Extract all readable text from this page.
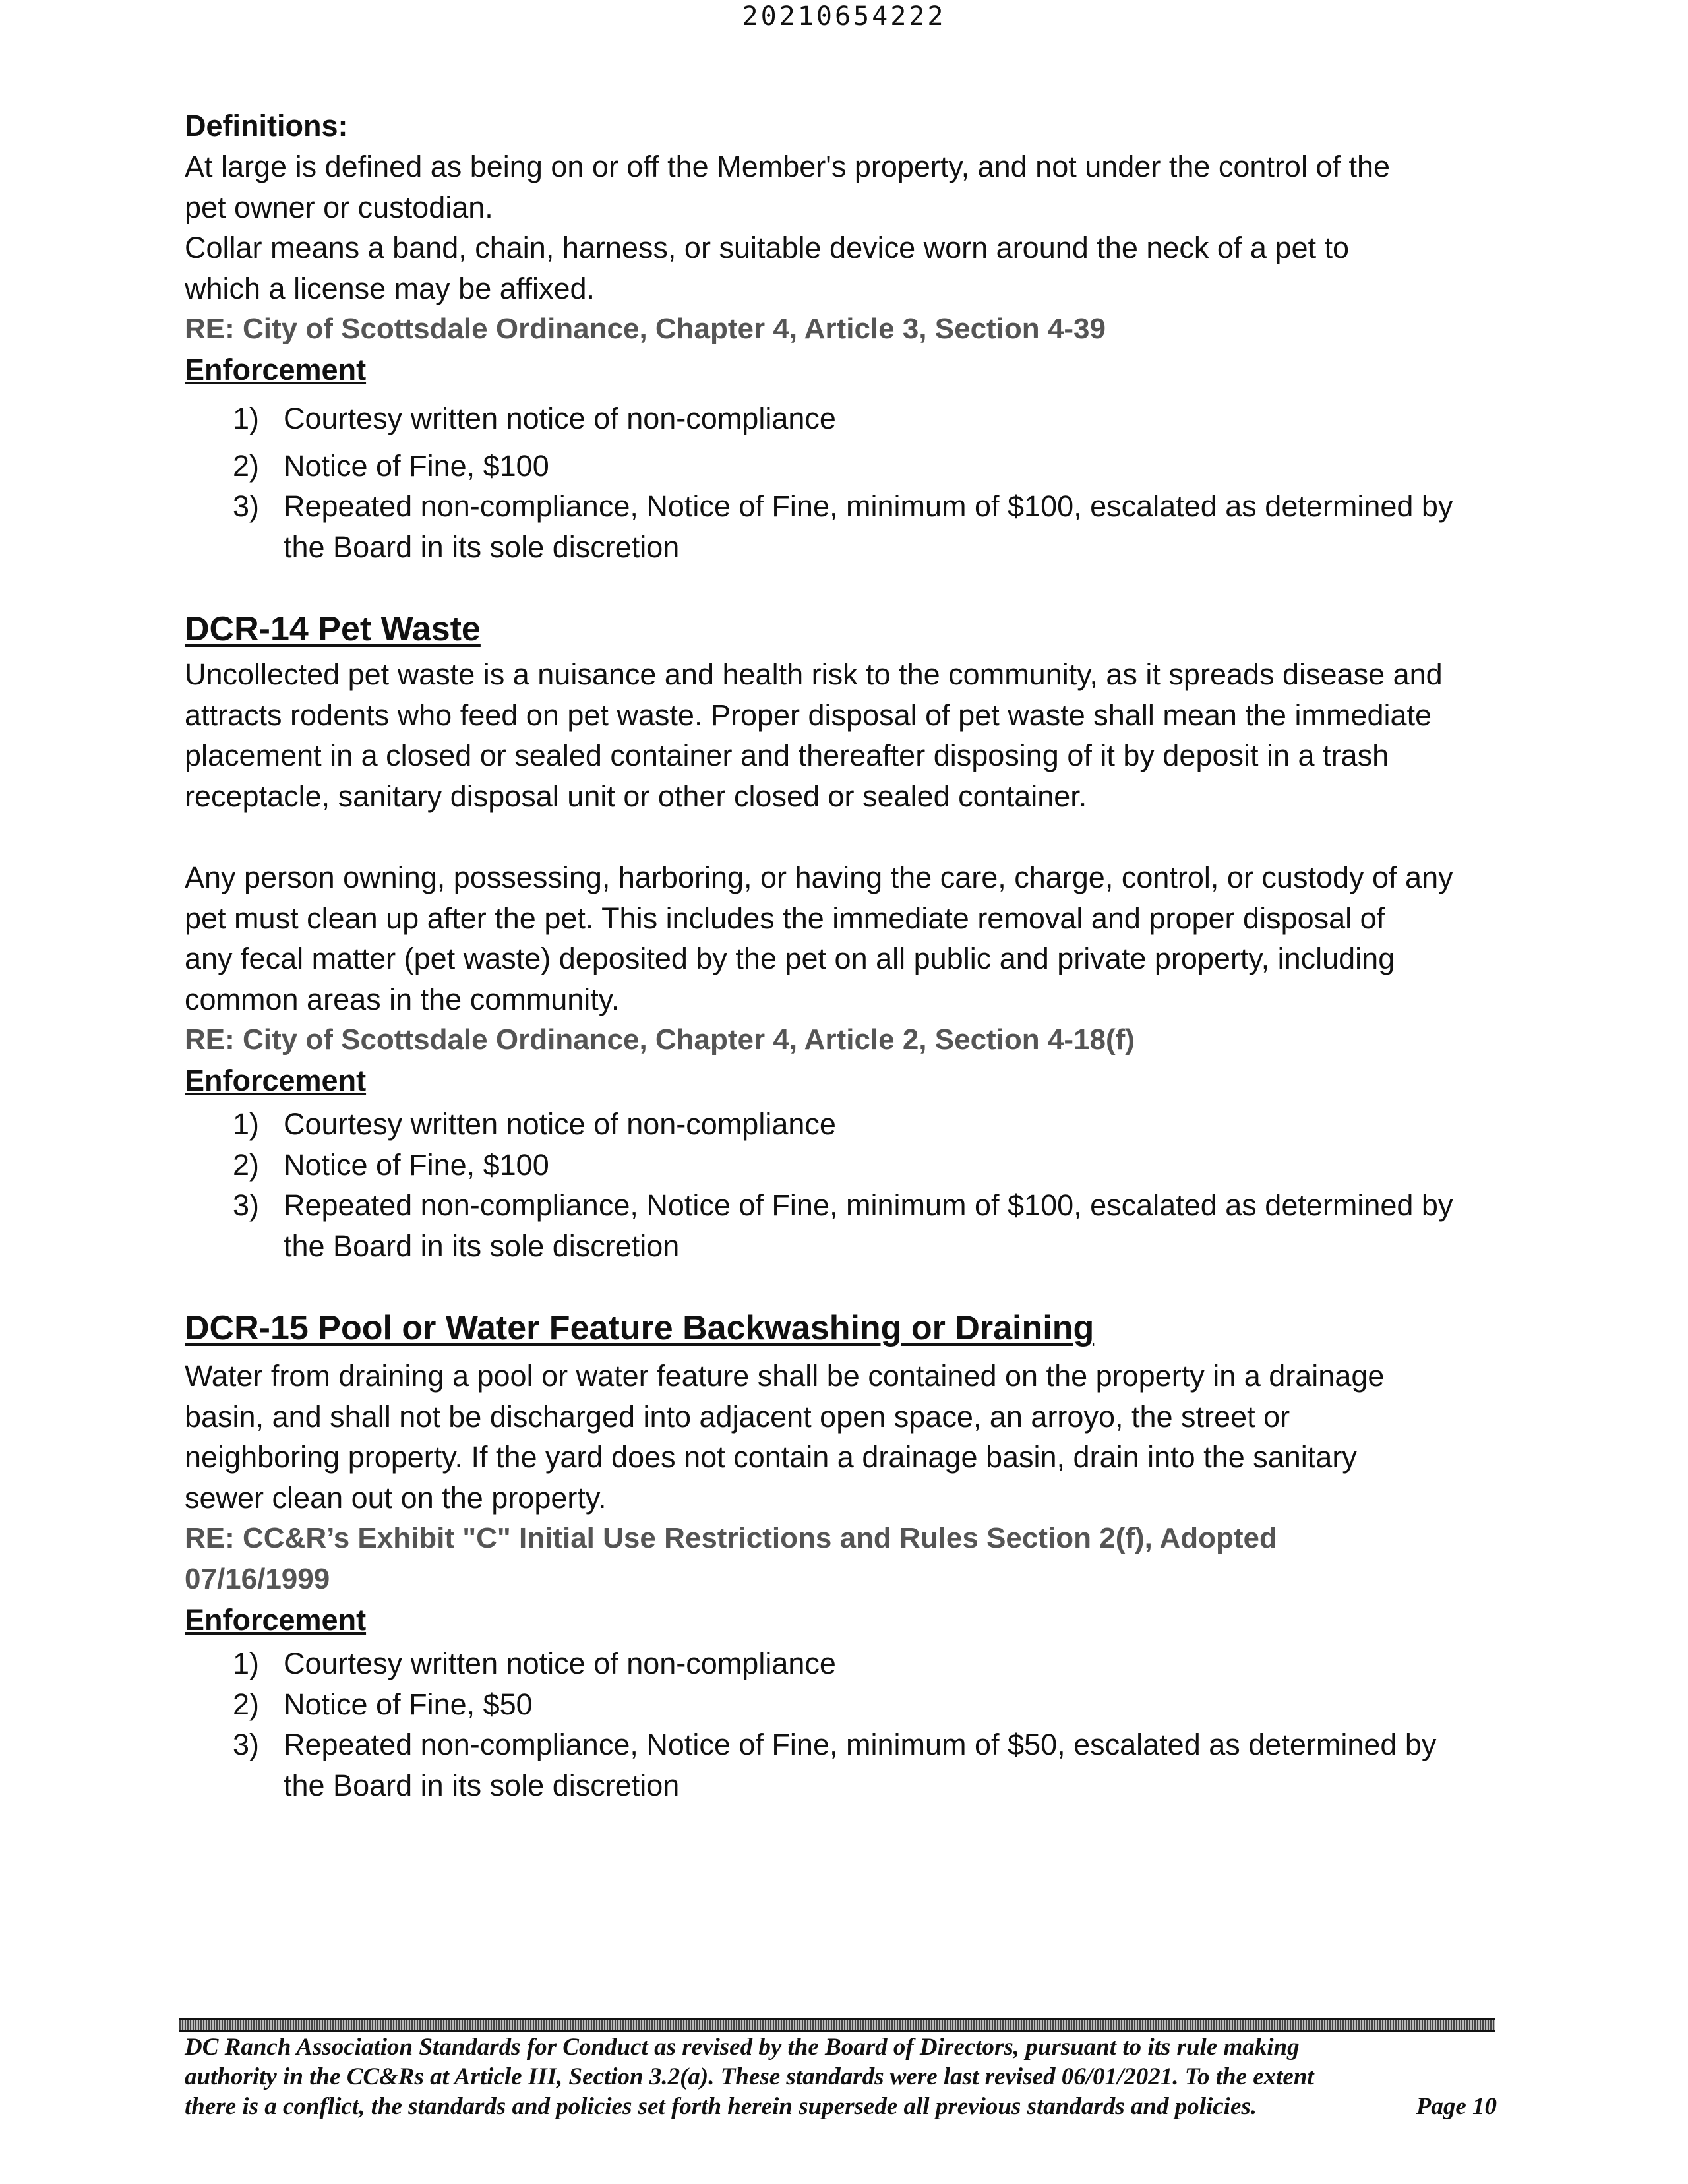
20210654222

Definitions:

At large is defined as being on or off the Member's property, and not under the control of the

pet owner or custodian.

Collar means a band, chain, harness, or suitable device worn around the neck of a pet to

which a license may be affixed.

RE: City of Scottsdale Ordinance, Chapter 4, Article 3, Section 4-39

Enforcement

1) Courtesy written notice of non-compliance
2) Notice of Fine, $100
3) Repeated non-compliance, Notice of Fine, minimum of $100, escalated as determined by
the Board in its sole discretion
DCR-14 Pet Waste

Uncollected pet waste is a nuisance and health risk to the community, as it spreads disease and

attracts rodents who feed on pet waste. Proper disposal of pet waste shall mean the immediate

placement in a closed or sealed container and thereafter disposing of it by deposit in a trash

receptacle, sanitary disposal unit or other closed or sealed container.

Any person owning, possessing, harboring, or having the care, charge, control, or custody of any

pet must clean up after the pet. This includes the immediate removal and proper disposal of

any fecal matter (pet waste) deposited by the pet on all public and private property, including

common areas in the community.

RE: City of Scottsdale Ordinance, Chapter 4, Article 2, Section 4-18(f)

Enforcement

1) Courtesy written notice of non-compliance
2) Notice of Fine, $100
3) Repeated non-compliance, Notice of Fine, minimum of $100, escalated as determined by
the Board in its sole discretion
DCR-15 Pool or Water Feature Backwashing or Draining

Water from draining a pool or water feature shall be contained on the property in a drainage

basin, and shall not be discharged into adjacent open space, an arroyo, the street or

neighboring property. If the yard does not contain a drainage basin, drain into the sanitary

sewer clean out on the property.

RE: CC&R’s Exhibit "C" Initial Use Restrictions and Rules Section 2(f), Adopted

07/16/1999

Enforcement

1) Courtesy written notice of non-compliance
2) Notice of Fine, $50
3) Repeated non-compliance, Notice of Fine, minimum of $50, escalated as determined by
the Board in its sole discretion
DC Ranch Association Standards for Conduct as revised by the Board of Directors, pursuant to its rule making
authority in the CC&Rs at Article III, Section 3.2(a). These standards were last revised 06/01/2021. To the extent
there is a conflict, the standards and policies set forth herein supersede all previous standards and policies.	Page 10
